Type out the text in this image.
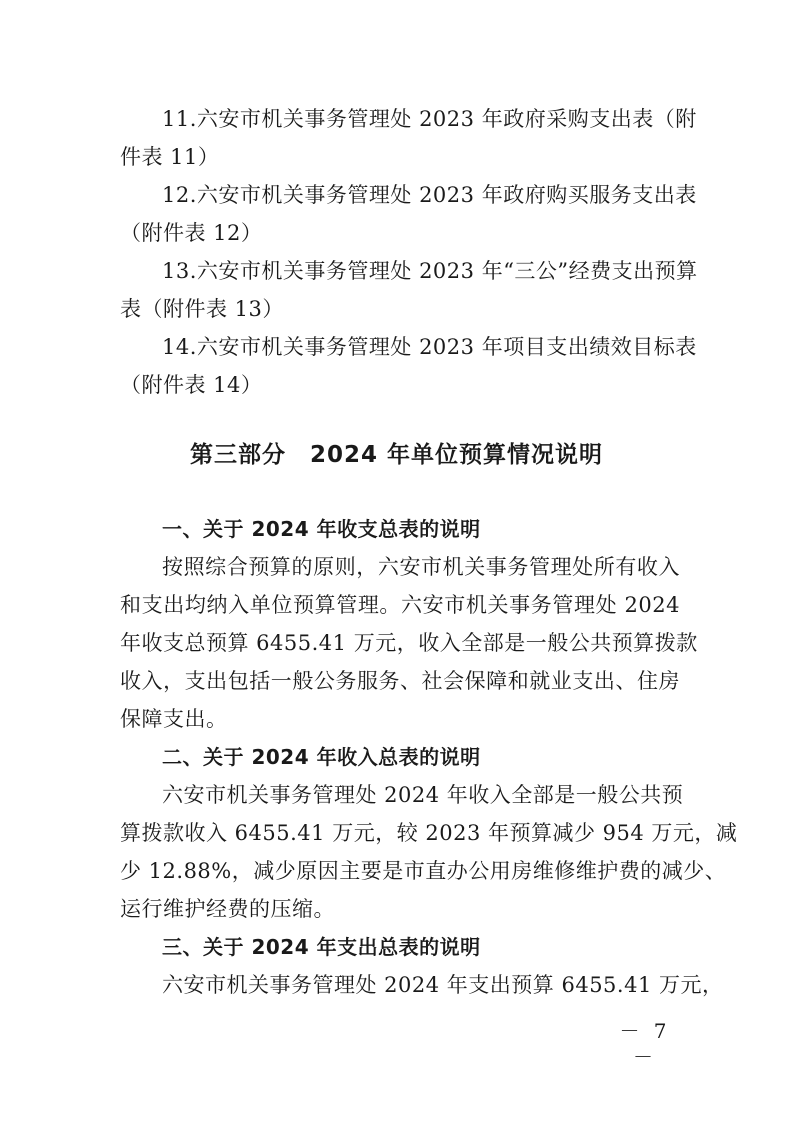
11.六安市机关事务管理处 2023 年政府采购支出表（附
件表 11）
12.六安市机关事务管理处 2023 年政府购买服务支出表
（附件表 12）
13.六安市机关事务管理处 2023 年“三公”经费支出预算
表（附件表 13）
14.六安市机关事务管理处 2023 年项目支出绩效目标表
（附件表 14）
第三部分　2024 年单位预算情况说明
一、关于 2024 年收支总表的说明
按照综合预算的原则，六安市机关事务管理处所有收入
和支出均纳入单位预算管理。六安市机关事务管理处 2024
年收支总预算 6455.41 万元，收入全部是一般公共预算拨款
收入，支出包括一般公务服务、社会保障和就业支出、住房
保障支出。
二、关于 2024 年收入总表的说明
六安市机关事务管理处 2024 年收入全部是一般公共预
算拨款收入 6455.41 万元，较 2023 年预算减少 954 万元，减
少 12.88%，减少原因主要是市直办公用房维修维护费的减少、
运行维护经费的压缩。
三、关于 2024 年支出总表的说明
六安市机关事务管理处 2024 年支出预算 6455.41 万元，
－ 7 －
